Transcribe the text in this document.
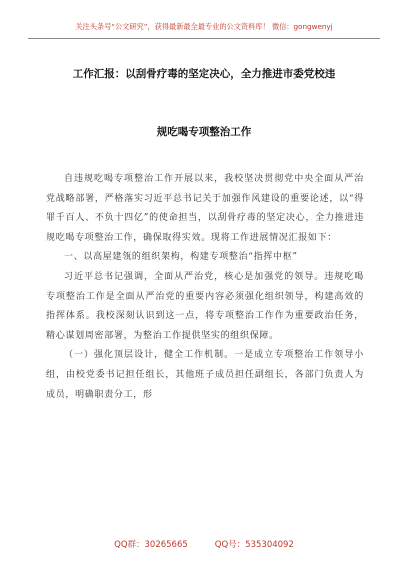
关注头条号“公文研究”，获得最新最全最专业的公文资料库！ 微信：gongwenyj
工作汇报：以刮骨疗毒的坚定决心，全力推进市委党校违
规吃喝专项整治工作

自违规吃喝专项整治工作开展以来，我校坚决贯彻党中央全面从严治党战略部署，严格落实习近平总书记关于加强作风建设的重要论述，以“得罪千百人、不负十四亿”的使命担当，以刮骨疗毒的坚定决心，全力推进违规吃喝专项整治工作，确保取得实效。现将工作进展情况汇报如下：

一、以高屋建瓴的组织架构，构建专项整治“指挥中枢”

习近平总书记强调，全面从严治党，核心是加强党的领导。违规吃喝专项整治工作是全面从严治党的重要内容必须强化组织领导，构建高效的指挥体系。我校深刻认识到这一点，将专项整治工作作为重要政治任务，精心谋划周密部署，为整治工作提供坚实的组织保障。

（一）强化顶层设计，健全工作机制。一是成立专项整治工作领导小组，由校党委书记担任组长，其他班子成员担任副组长，各部门负责人为成员，明确职责分工，形

QQ群：30265665          QQ号：535304092
